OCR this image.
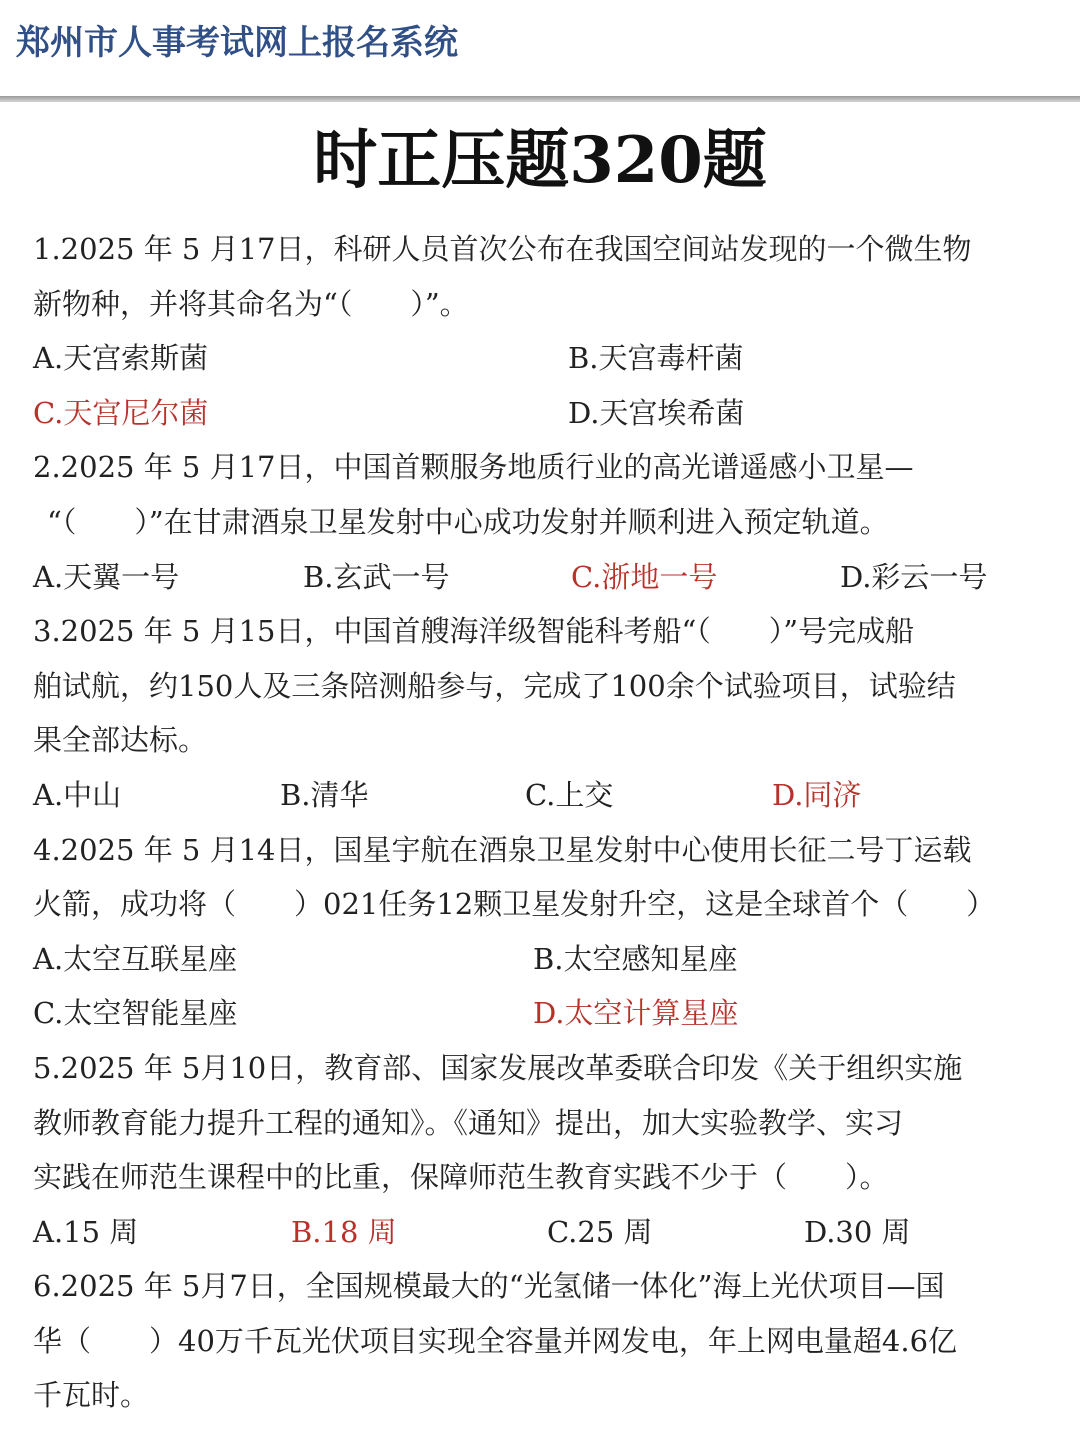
郑州市人事考试网上报名系统
时正压题320题
1.2025 年 5 月17日，科研人员首次公布在我国空间站发现的一个微生物
新物种，并将其命名为“（　　）”。
A.天宫索斯菌	B.天宫毒杆菌
C.天宫尼尔菌	D.天宫埃希菌
2.2025 年 5 月17日，中国首颗服务地质行业的高光谱遥感小卫星—
“（　　）”在甘肃酒泉卫星发射中心成功发射并顺利进入预定轨道。
A.天翼一号	B.玄武一号	C.浙地一号	D.彩云一号
3.2025 年 5 月15日，中国首艘海洋级智能科考船“（　　）”号完成船
舶试航，约150人及三条陪测船参与，完成了100余个试验项目，试验结
果全部达标。
A.中山	B.清华	C.上交	D.同济
4.2025 年 5 月14日，国星宇航在酒泉卫星发射中心使用长征二号丁运载
火箭，成功将（　　）021任务12颗卫星发射升空，这是全球首个（　　）
A.太空互联星座	B.太空感知星座
C.太空智能星座	D.太空计算星座
5.2025 年 5月10日，教育部、国家发展改革委联合印发《关于组织实施
教师教育能力提升工程的通知》。《通知》提出，加大实验教学、实习
实践在师范生课程中的比重，保障师范生教育实践不少于（　　）。
A.15 周	B.18 周	C.25 周	D.30 周
6.2025 年 5月7日，全国规模最大的“光氢储一体化”海上光伏项目—国
华（　　）40万千瓦光伏项目实现全容量并网发电，年上网电量超4.6亿
千瓦时。
